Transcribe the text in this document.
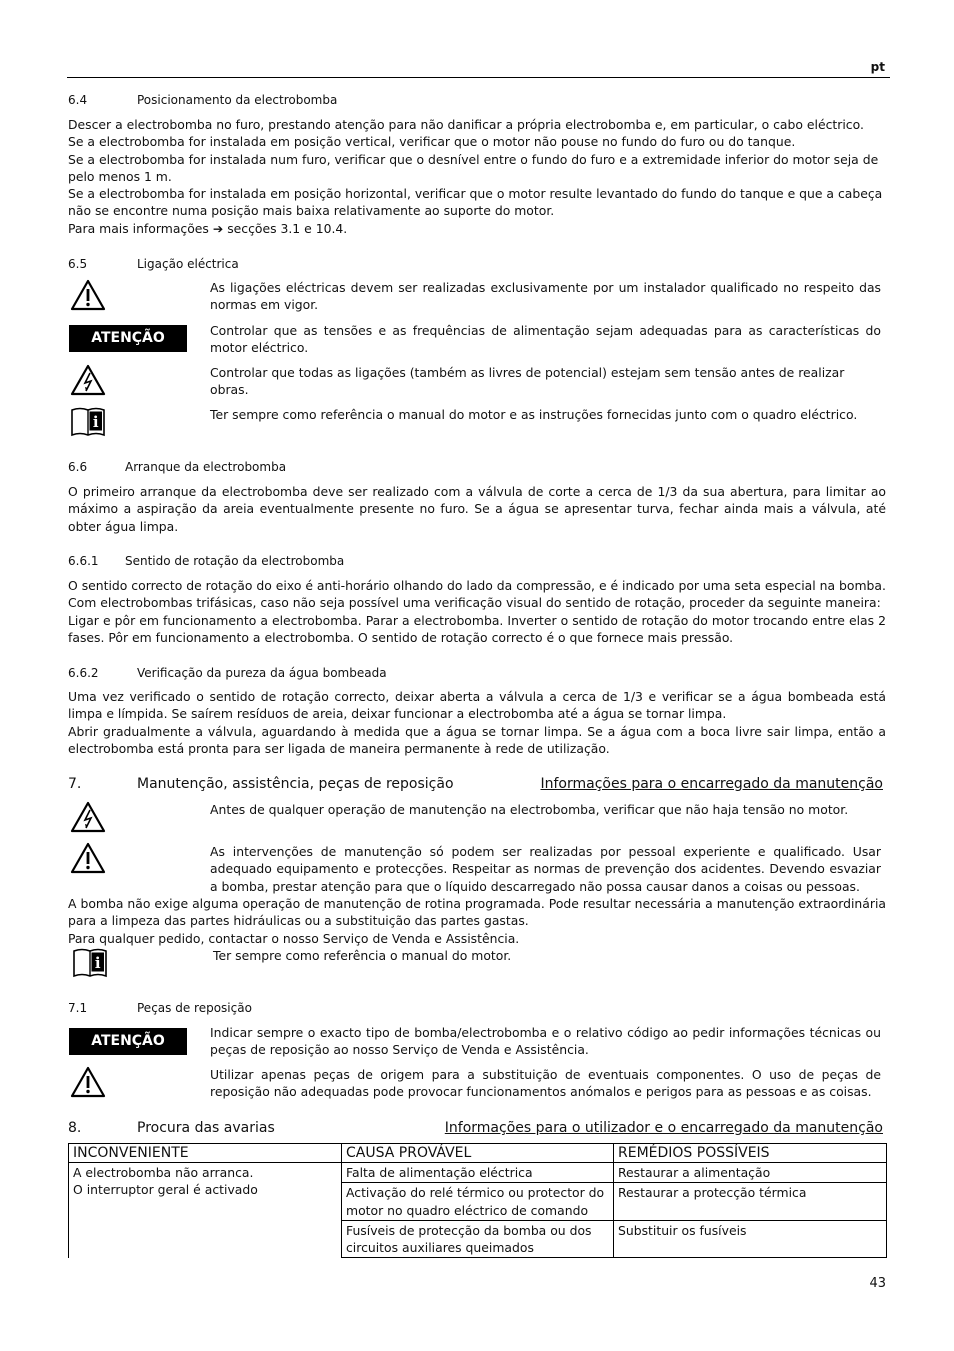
pt
6.4	Posicionamento da electrobomba
Descer a electrobomba no furo, prestando atenção para não danificar a própria electrobomba e, em particular, o cabo eléctrico.
Se a electrobomba for instalada em posição vertical, verificar que o motor não pouse no fundo do furo ou do tanque.
Se a electrobomba for instalada num furo, verificar que o desnível entre o fundo do furo e a extremidade inferior do motor seja de
pelo menos 1 m.
Se a electrobomba for instalada em posição horizontal, verificar que o motor resulte levantado do fundo do tanque e que a cabeça
não se encontre numa posição mais baixa relativamente ao suporte do motor.
Para mais informações ➔ secções 3.1 e 10.4.
6.5	Ligação eléctrica
As ligações eléctricas devem ser realizadas exclusivamente por um instalador qualificado no respeito das normas em vigor.
ATENÇÃO	Controlar que as tensões e as frequências de alimentação sejam adequadas para as características do motor eléctrico.
Controlar que todas as ligações (também as livres de potencial) estejam sem tensão antes de realizar obras.
i	Ter sempre como referência o manual do motor e as instruções fornecidas junto com o quadro eléctrico.
6.6	Arranque da electrobomba
O primeiro arranque da electrobomba deve ser realizado com a válvula de corte a cerca de 1/3 da sua abertura, para limitar ao máximo a aspiração da areia eventualmente presente no furo. Se a água se apresentar turva, fechar ainda mais a válvula, até obter água limpa.
6.6.1 Sentido de rotação da electrobomba
O sentido correcto de rotação do eixo é anti-horário olhando do lado da compressão, e é indicado por uma seta especial na bomba.
Com electrobombas trifásicas, caso não seja possível uma verificação visual do sentido de rotação, proceder da seguinte maneira:
Ligar e pôr em funcionamento a electrobomba. Parar a electrobomba. Inverter o sentido de rotação do motor trocando entre elas 2 fases. Pôr em funcionamento a electrobomba. O sentido de rotação correcto é o que fornece mais pressão.
6.6.2	Verificação da pureza da água bombeada
Uma vez verificado o sentido de rotação correcto, deixar aberta a válvula a cerca de 1/3 e verificar se a água bombeada está limpa e límpida. Se saírem resíduos de areia, deixar funcionar a electrobomba até a água se tornar limpa.
Abrir gradualmente a válvula, aguardando à medida que a água se tornar limpa. Se a água com a boca livre sair limpa, então a electrobomba está pronta para ser ligada de maneira permanente à rede de utilização.
7.	Manutenção, assistência, peças de reposição	Informações para o encarregado da manutenção
Antes de qualquer operação de manutenção na electrobomba, verificar que não haja tensão no motor.
As intervenções de manutenção só podem ser realizadas por pessoal experiente e qualificado. Usar adequado equipamento e protecções. Respeitar as normas de prevenção dos acidentes. Devendo esvaziar a bomba, prestar atenção para que o líquido descarregado não possa causar danos a coisas ou pessoas.
A bomba não exige alguma operação de manutenção de rotina programada. Pode resultar necessária a manutenção extraordinária para a limpeza das partes hidráulicas ou a substituição das partes gastas.
Para qualquer pedido, contactar o nosso Serviço de Venda e Assistência.
i	Ter sempre como referência o manual do motor.
7.1	Peças de reposição
ATENÇÃO
Indicar sempre o exacto tipo de bomba/electrobomba e o relativo código ao pedir informações técnicas ou peças de reposição ao nosso Serviço de Venda e Assistência.
Utilizar apenas peças de origem para a substituição de eventuais componentes. O uso de peças de reposição não adequadas pode provocar funcionamentos anómalos e perigos para as pessoas e as coisas.
8.	Procura das avarias	Informações para o utilizador e o encarregado da manutenção
INCONVENIENTE	CAUSA PROVÁVEL	REMÉDIOS POSSÍVEIS

A electrobomba não arranca.
O interruptor geral é activado	Falta de alimentação eléctrica	Restaurar a alimentação
	Activação do relé térmico ou protector do motor no quadro eléctrico de comando	Restaurar a protecção térmica
	Fusíveis de protecção da bomba ou dos circuitos auxiliares queimados	Substituir os fusíveis
43
